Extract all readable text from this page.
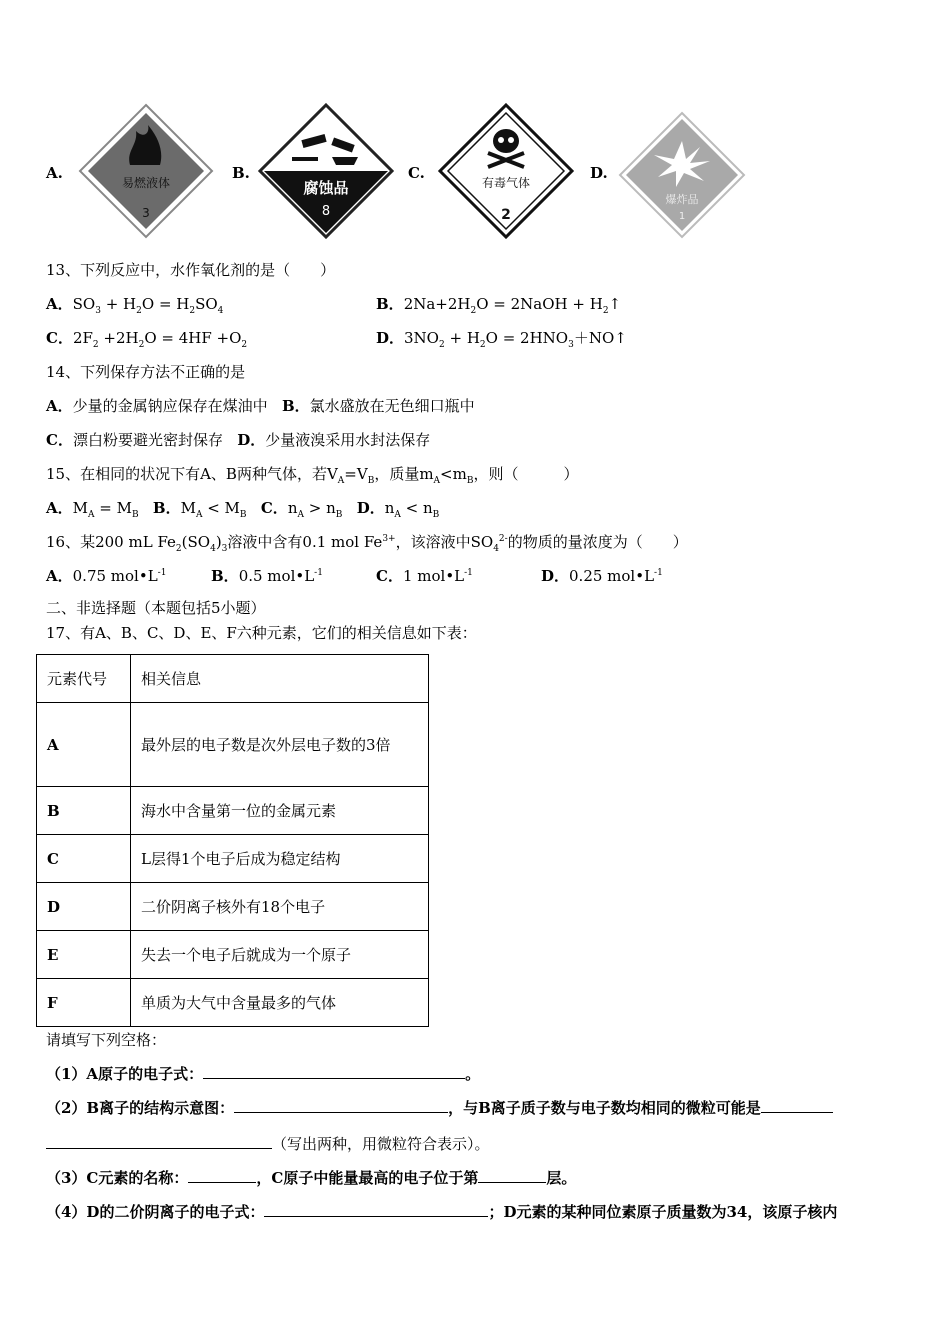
A.
易燃液体
3
B.
腐蚀品
8
C.
有毒气体
2
D.
爆炸品
1
13、下列反应中，水作氧化剂的是（　　）
A．$SO_3 + H_2O = H_2SO_4$	B．$2Na+2H_2O$ = 2NaOH + $H_2↑$
C．$2F_2 +2H_2O = 4HF +O_2$	D．$3NO_2 + H_2O$ = $2HNO_3+NO↑$
14、下列保存方法不正确的是
A．少量的金属钠应保存在煤油中 B．氯水盛放在无色细口瓶中
C．漂白粉要避光密封保存 D．少量液溴采用水封法保存
15、在相同的状况下有A、B两种气体，若$V_A=V_B$，质量$m_A<m_B$，则（　　　）
A．$M_A = M_B$ B．$M_A < M_B$ C．$n_A > n_B$ D．$n_A < n_B$
16、某200 mL $Fe_2(SO_4)_3$溶液中含有0.1 mol $Fe^{3+}$，该溶液中$SO_4^{2-}$的物质的量浓度为（　　）
A．0.75 $mol•L^{-1}$	B．0.5 $mol•L^{-1}$	C．1 $mol•L^{-1}$	D．0.25 $mol•L^{-1}$
二、非选择题（本题包括5小题）
17、有A、B、C、D、E、F六种元素，它们的相关信息如下表：
元素代号	相关信息
A	最外层的电子数是次外层电子数的3倍
B	海水中含量第一位的金属元素
C	L层得1个电子后成为稳定结构
D	二价阴离子核外有18个电子
E	失去一个电子后就成为一个原子
F	单质为大气中含量最多的气体
请填写下列空格：
（1）A原子的电子式：	。
（2）B离子的结构示意图：	，与B离子质子数与电子数均相同的微粒可能是
（写出两种，用微粒符合表示）。
（3）C元素的名称：	，C原子中能量最高的电子位于第	层。
（4）D的二价阴离子的电子式：	；D元素的某种同位素原子质量数为34，该原子核内
